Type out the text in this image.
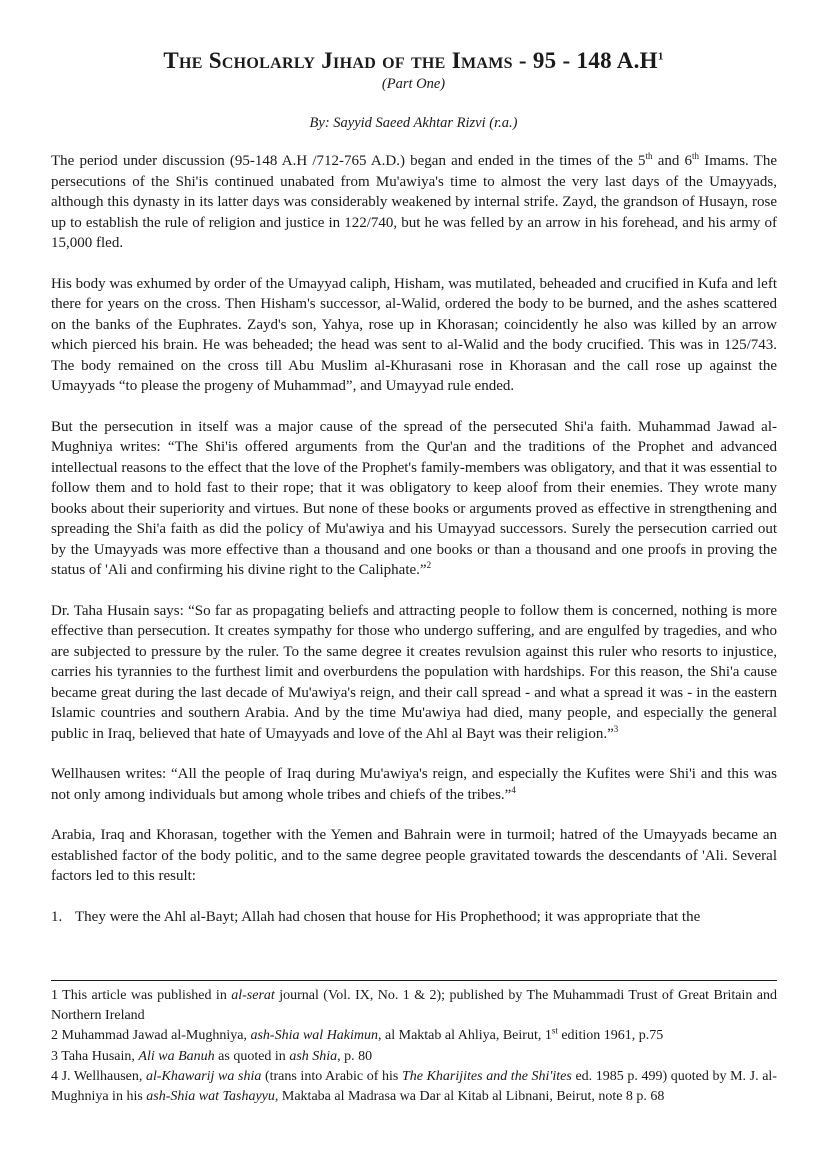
The Scholarly Jihad of the Imams - 95 - 148 $A.H^1$
(Part One)
By: Sayyid Saeed Akhtar Rizvi (r.a.)

The period under discussion (95-148 A.H /712-765 A.D.) began and ended in the times of the 5th and 6th Imams. The persecutions of the Shi'is continued unabated from Mu'awiya's time to almost the very last days of the Umayyads, although this dynasty in its latter days was considerably weakened by internal strife. Zayd, the grandson of Husayn, rose up to establish the rule of religion and justice in 122/740, but he was felled by an arrow in his forehead, and his army of 15,000 fled.

His body was exhumed by order of the Umayyad caliph, Hisham, was mutilated, beheaded and crucified in Kufa and left there for years on the cross. Then Hisham's successor, al-Walid, ordered the body to be burned, and the ashes scattered on the banks of the Euphrates. Zayd's son, Yahya, rose up in Khorasan; coincidently he also was killed by an arrow which pierced his brain. He was beheaded; the head was sent to al-Walid and the body crucified. This was in 125/743. The body remained on the cross till Abu Muslim al-Khurasani rose in Khorasan and the call rose up against the Umayyads “to please the progeny of Muhammad”, and Umayyad rule ended.

But the persecution in itself was a major cause of the spread of the persecuted Shi'a faith. Muhammad Jawad al-Mughniya writes: “The Shi'is offered arguments from the Qur'an and the traditions of the Prophet and advanced intellectual reasons to the effect that the love of the Prophet's family-members was obligatory, and that it was essential to follow them and to hold fast to their rope; that it was obligatory to keep aloof from their enemies. They wrote many books about their superiority and virtues. But none of these books or arguments proved as effective in strengthening and spreading the Shi'a faith as did the policy of Mu'awiya and his Umayyad successors. Surely the persecution carried out by the Umayyads was more effective than a thousand and one books or than a thousand and one proofs in proving the status of 'Ali and confirming his divine right to the Caliphate.”$^2$

Dr. Taha Husain says: “So far as propagating beliefs and attracting people to follow them is concerned, nothing is more effective than persecution. It creates sympathy for those who undergo suffering, and are engulfed by tragedies, and who are subjected to pressure by the ruler. To the same degree it creates revulsion against this ruler who resorts to injustice, carries his tyrannies to the furthest limit and overburdens the population with hardships. For this reason, the Shi'a cause became great during the last decade of Mu'awiya's reign, and their call spread - and what a spread it was - in the eastern Islamic countries and southern Arabia. And by the time Mu'awiya had died, many people, and especially the general public in Iraq, believed that hate of Umayyads and love of the Ahl al Bayt was their religion.”$^3$

Wellhausen writes: “All the people of Iraq during Mu'awiya's reign, and especially the Kufites were Shi'i and this was not only among individuals but among whole tribes and chiefs of the tribes.”$^4$

Arabia, Iraq and Khorasan, together with the Yemen and Bahrain were in turmoil; hatred of the Umayyads became an established factor of the body politic, and to the same degree people gravitated towards the descendants of 'Ali. Several factors led to this result:

1. They were the Ahl al-Bayt; Allah had chosen that house for His Prophethood; it was appropriate that the
1 This article was published in al-serat journal (Vol. IX, No. 1 & 2); published by The Muhammadi Trust of Great Britain and Northern Ireland
2 Muhammad Jawad al-Mughniya, ash-Shia wal Hakimun, al Maktab al Ahliya, Beirut, 1st edition 1961, p.75
3 Taha Husain, Ali wa Banuh as quoted in ash Shia, p. 80
4 J. Wellhausen, al-Khawarij wa shia (trans into Arabic of his The Kharijites and the Shi'ites ed. 1985 p. 499) quoted by M. J. al-Mughniya in his ash-Shia wat Tashayyu, Maktaba al Madrasa wa Dar al Kitab al Libnani, Beirut, note 8 p. 68
